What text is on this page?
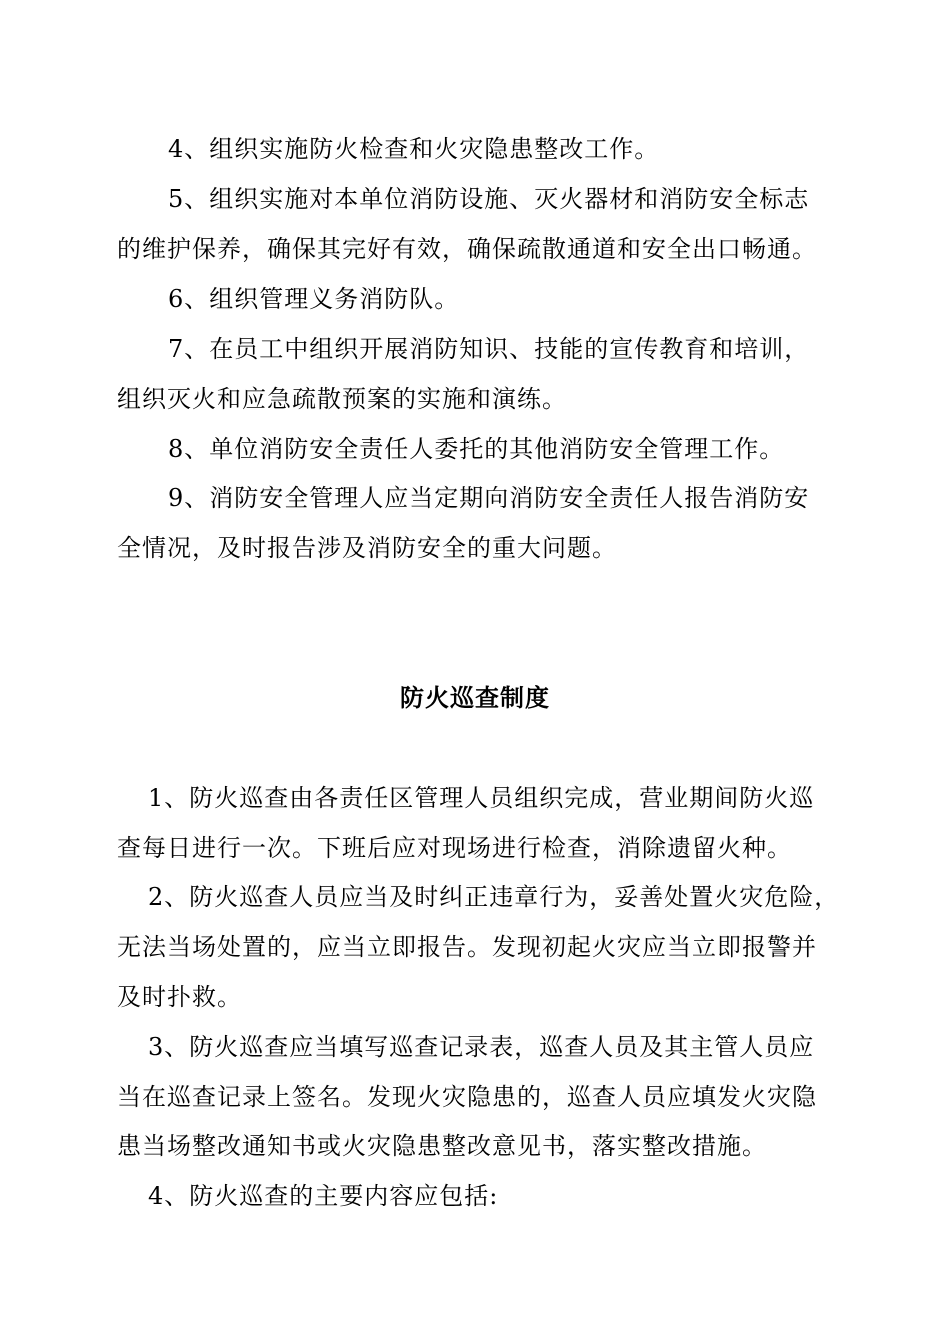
4、组织实施防火检查和火灾隐患整改工作。
5、组织实施对本单位消防设施、灭火器材和消防安全标志
的维护保养，确保其完好有效，确保疏散通道和安全出口畅通。
6、组织管理义务消防队。
7、在员工中组织开展消防知识、技能的宣传教育和培训，
组织灭火和应急疏散预案的实施和演练。
8、单位消防安全责任人委托的其他消防安全管理工作。
9、消防安全管理人应当定期向消防安全责任人报告消防安
全情况，及时报告涉及消防安全的重大问题。
防火巡查制度
1、防火巡查由各责任区管理人员组织完成，营业期间防火巡
查每日进行一次。下班后应对现场进行检查，消除遗留火种。
2、防火巡查人员应当及时纠正违章行为，妥善处置火灾危险，
无法当场处置的，应当立即报告。发现初起火灾应当立即报警并
及时扑救。
3、防火巡查应当填写巡查记录表，巡查人员及其主管人员应
当在巡查记录上签名。发现火灾隐患的，巡查人员应填发火灾隐
患当场整改通知书或火灾隐患整改意见书，落实整改措施。
4、防火巡查的主要内容应包括:
